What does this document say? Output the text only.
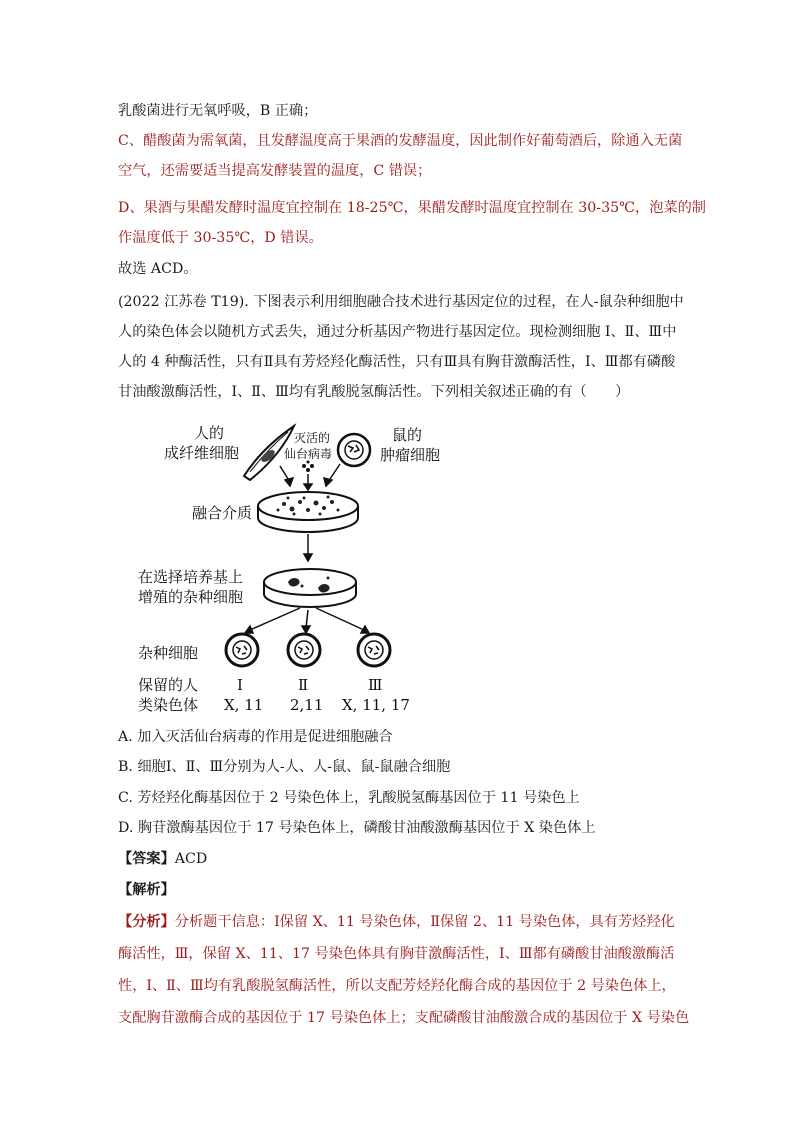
乳酸菌进行无氧呼吸，B 正确；
C、醋酸菌为需氧菌，且发酵温度高于果酒的发酵温度，因此制作好葡萄酒后，除通入无菌
空气，还需要适当提高发酵装置的温度，C 错误；
D、果酒与果醋发酵时温度宜控制在 18-25℃，果醋发酵时温度宜控制在 30-35℃，泡菜的制
作温度低于 30-35℃，D 错误。
故选 ACD。
(2022 江苏卷 T19). 下图表示利用细胞融合技术进行基因定位的过程，在人-鼠杂种细胞中
人的染色体会以随机方式丢失，通过分析基因产物进行基因定位。现检测细胞 Ⅰ、Ⅱ、Ⅲ中
人的 4 种酶活性，只有Ⅱ具有芳烃羟化酶活性，只有Ⅲ具有胸苷激酶活性，Ⅰ、Ⅲ都有磷酸
甘油酸激酶活性，Ⅰ、Ⅱ、Ⅲ均有乳酸脱氢酶活性。下列相关叙述正确的有（　　）
人的
成纤维细胞
灭活的
仙台病毒
鼠的
肿瘤细胞
融合介质
在选择培养基上
增殖的杂种细胞
杂种细胞
保留的人
类染色体
Ⅰ	Ⅱ	Ⅲ
X, 11 2,11 X, 11, 17
A. 加入灭活仙台病毒的作用是促进细胞融合
B. 细胞Ⅰ、Ⅱ、Ⅲ分别为人-人、人-鼠、鼠-鼠融合细胞
C. 芳烃羟化酶基因位于 2 号染色体上，乳酸脱氢酶基因位于 11 号染色上
D. 胸苷激酶基因位于 17 号染色体上，磷酸甘油酸激酶基因位于 X 染色体上
【答案】ACD
【解析】
【分析】分析题干信息：Ⅰ保留 X、11 号染色体，Ⅱ保留 2、11 号染色体，具有芳烃羟化
酶活性，Ⅲ，保留 X、11、17 号染色体具有胸苷激酶活性，Ⅰ、Ⅲ都有磷酸甘油酸激酶活
性，Ⅰ、Ⅱ、Ⅲ均有乳酸脱氢酶活性，所以支配芳烃羟化酶合成的基因位于 2 号染色体上，
支配胸苷激酶合成的基因位于 17 号染色体上；支配磷酸甘油酸激合成的基因位于 X 号染色
